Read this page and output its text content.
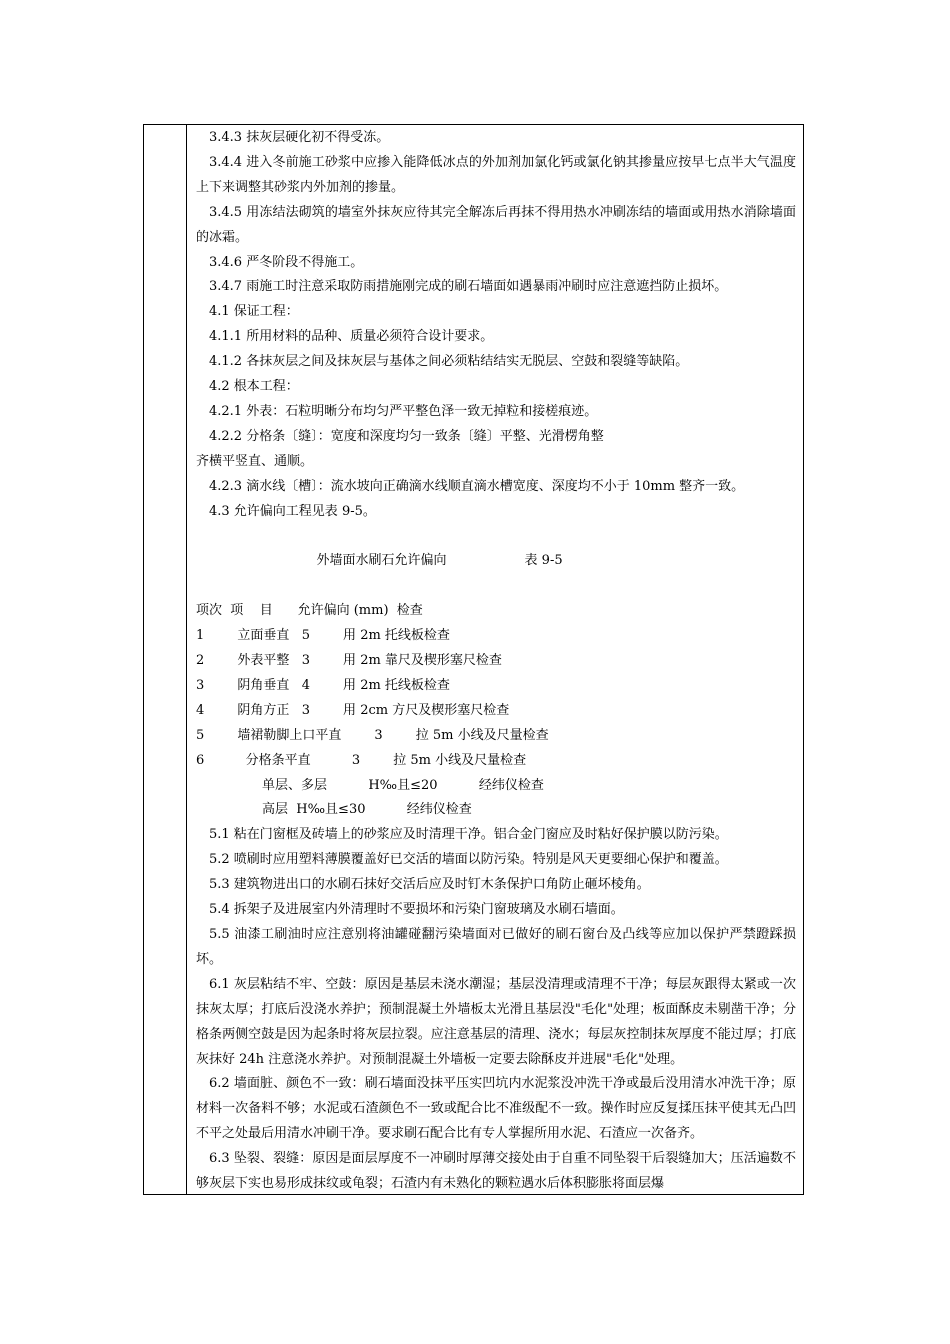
3.4.3 抹灰层硬化初不得受冻。

3.4.4 进入冬前施工砂浆中应掺入能降低冰点的外加剂加氯化钙或氯化钠其掺量应按早七点半大气温度上下来调整其砂浆内外加剂的掺量。

3.4.5 用冻结法砌筑的墙室外抹灰应待其完全解冻后再抹不得用热水冲刷冻结的墙面或用热水消除墙面的冰霜。

3.4.6 严冬阶段不得施工。

3.4.7 雨施工时注意采取防雨措施刚完成的刷石墙面如遇暴雨冲刷时应注意遮挡防止损坏。

4.1 保证工程：

4.1.1 所用材料的品种、质量必须符合设计要求。

4.1.2 各抹灰层之间及抹灰层与基体之间必须粘结结实无脱层、空鼓和裂缝等缺陷。

4.2 根本工程：

4.2.1 外表：石粒明晰分布均匀严平整色泽一致无掉粒和接槎痕迹。

4.2.2 分格条〔缝〕：宽度和深度均匀一致条〔缝〕平整、光滑楞角整

齐横平竖直、通顺。

4.2.3 滴水线〔槽〕：流水坡向正确滴水线顺直滴水槽宽度、深度均不小于 10mm 整齐一致。

4.3 允许偏向工程见表 9-5。

外墙面水刷石允许偏向	表 9-5

项次  项    目      允许偏向 (mm)  检查

1        立面垂直   5        用 2m 托线板检查

2        外表平整   3        用 2m 靠尺及楔形塞尺检查

3        阴角垂直   4        用 2m 托线板检查

4        阴角方正   3        用 2cm 方尺及楔形塞尺检查

5        墙裙勒脚上口平直        3        拉 5m 小线及尺量检查

6          分格条平直          3        拉 5m 小线及尺量检查

单层、多层          H‰且≤20          经纬仪检查

高层  H‰且≤30          经纬仪检查

5.1 粘在门窗框及砖墙上的砂浆应及时清理干净。铝合金门窗应及时粘好保护膜以防污染。

5.2 喷刷时应用塑料薄膜覆盖好已交活的墙面以防污染。特别是风天更要细心保护和覆盖。

5.3 建筑物进出口的水刷石抹好交活后应及时钉木条保护口角防止砸坏棱角。

5.4 拆架子及进展室内外清理时不要损坏和污染门窗玻璃及水刷石墙面。

5.5 油漆工刷油时应注意别将油罐碰翻污染墙面对已做好的刷石窗台及凸线等应加以保护严禁蹬踩损坏。

6.1 灰层粘结不牢、空鼓：原因是基层未浇水潮湿；基层没清理或清理不干净；每层灰跟得太紧或一次抹灰太厚；打底后没浇水养护；预制混凝土外墙板太光滑且基层没"毛化"处理；板面酥皮未剔凿干净；分格条两侧空鼓是因为起条时将灰层拉裂。应注意基层的清理、浇水；每层灰控制抹灰厚度不能过厚；打底灰抹好 24h 注意浇水养护。对预制混凝土外墙板一定要去除酥皮并进展"毛化"处理。

6.2 墙面脏、颜色不一致：刷石墙面没抹平压实凹坑内水泥浆没冲洗干净或最后没用清水冲洗干净；原材料一次备料不够；水泥或石渣颜色不一致或配合比不准级配不一致。操作时应反复揉压抹平使其无凸凹不平之处最后用清水冲刷干净。要求刷石配合比有专人掌握所用水泥、石渣应一次备齐。

6.3 坠裂、裂缝：原因是面层厚度不一冲刷时厚薄交接处由于自重不同坠裂干后裂缝加大；压活遍数不够灰层下实也易形成抹纹或龟裂；石渣内有未熟化的颗粒遇水后体积膨胀将面层爆
